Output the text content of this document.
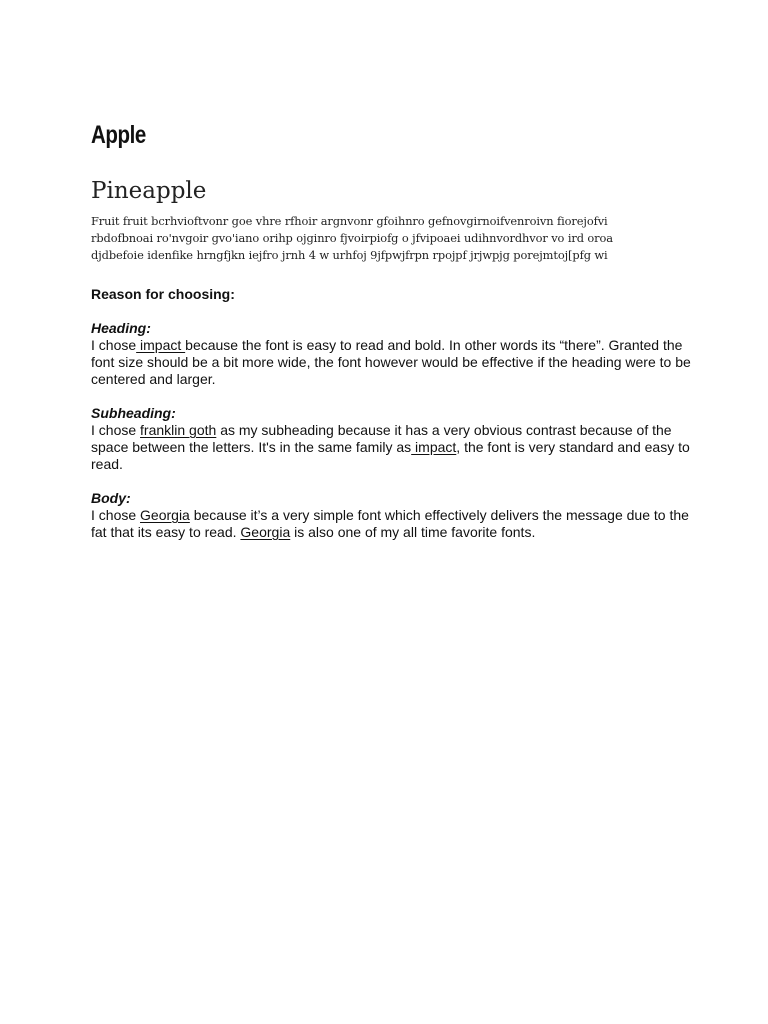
Apple
Pineapple
Fruit fruit bcrhvioftvonr goe vhre rfhoir argnvonr gfoihnro gefnovgirnoifvenroivn fiorejofvi
rbdofbnoai ro'nvgoir gvo'iano orihp ojginro fjvoirpiofg o jfvipoaei udihnvordhvor vo ird oroa
djdbefoie idenfike hrngfjkn iejfro jrnh 4 w urhfoj 9jfpwjfrpn rpojpf jrjwpjg porejmtoj[pfg wi
Reason for choosing:
Heading:

I chose impact because the font is easy to read and bold. In other words its “there”. Granted the font size should be a bit more wide, the font however would be effective if the heading were to be centered and larger.

Subheading:

I chose franklin goth as my subheading because it has a very obvious contrast because of the space between the letters. It's in the same family as impact, the font is very standard and easy to read.

Body:

I chose Georgia because it’s a very simple font which effectively delivers the message due to the fat that its easy to read. Georgia is also one of my all time favorite fonts.
